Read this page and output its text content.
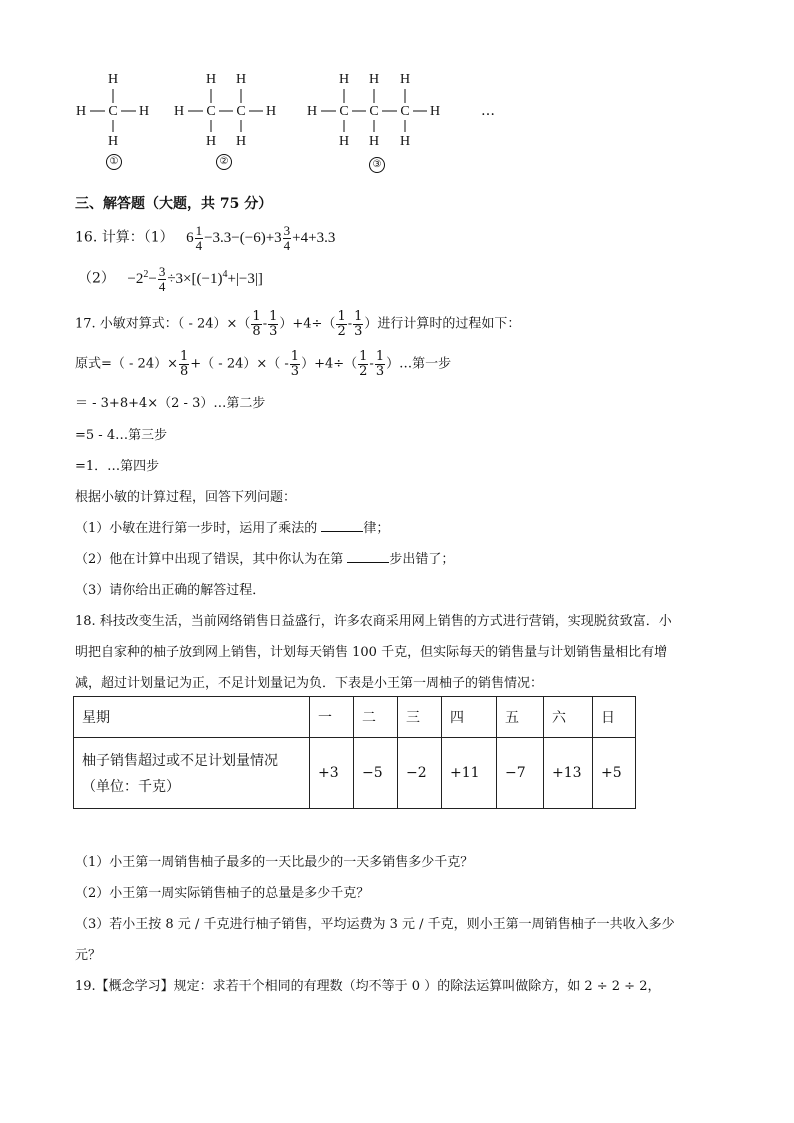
H
H C H
H
①
H H
H C C H
H H
②
H H H
H C C C H
H H H
③
…
三、解答题（大题，共 75 分）
16. 计算：（1） $6 \frac{1}{4} -3.3-(-6)+3 \frac{3}{4} +4+3.3$
$(2) -2^2- \frac{3}{4} \div 3\times[(-1)^4+|-3|]$
17. 小敏对算式：（ - $24)\times( \frac{1}{8} - \frac{1}{3} )+4\div( \frac{1}{2} - \frac{1}{3}$ ）进行计算时的过程如下：
原式=（ - $24)\times \frac{1}{8}$ +（ - $24)\times( - \frac{1}{3} )+4\div( \frac{1}{2} - \frac{1}{3}$ ）…第一步
＝ - 3+8+4×（2 - 3）…第二步
=5 - 4…第三步
=1．…第四步
根据小敏的计算过程，回答下列问题：
（1）小敏在进行第一步时，运用了乘法的	律；
（2）他在计算中出现了错误，其中你认为在第	步出错了；
（3）请你给出正确的解答过程．
18. 科技改变生活，当前网络销售日益盛行，许多农商采用网上销售的方式进行营销，实现脱贫致富．小
明把自家种的柚子放到网上销售，计划每天销售 100 千克，但实际每天的销售量与计划销售量相比有增
减，超过计划量记为正，不足计划量记为负．下表是小王第一周柚子的销售情况：
星期	一	二	三	四	五	六	日

柚子销售超过或不足计划量情况
（单位：千克）	+3	−5	−2	+11	−7	+13	+5
（1）小王第一周销售柚子最多的一天比最少的一天多销售多少千克？
（2）小王第一周实际销售柚子的总量是多少千克？
（3）若小王按 8 元 / 千克进行柚子销售，平均运费为 3 元 / 千克，则小王第一周销售柚子一共收入多少
元？
19.【概念学习】规定：求若干个相同的有理数（均不等于 0 ）的除法运算叫做除方，如 2 ÷ 2 ÷ 2，
